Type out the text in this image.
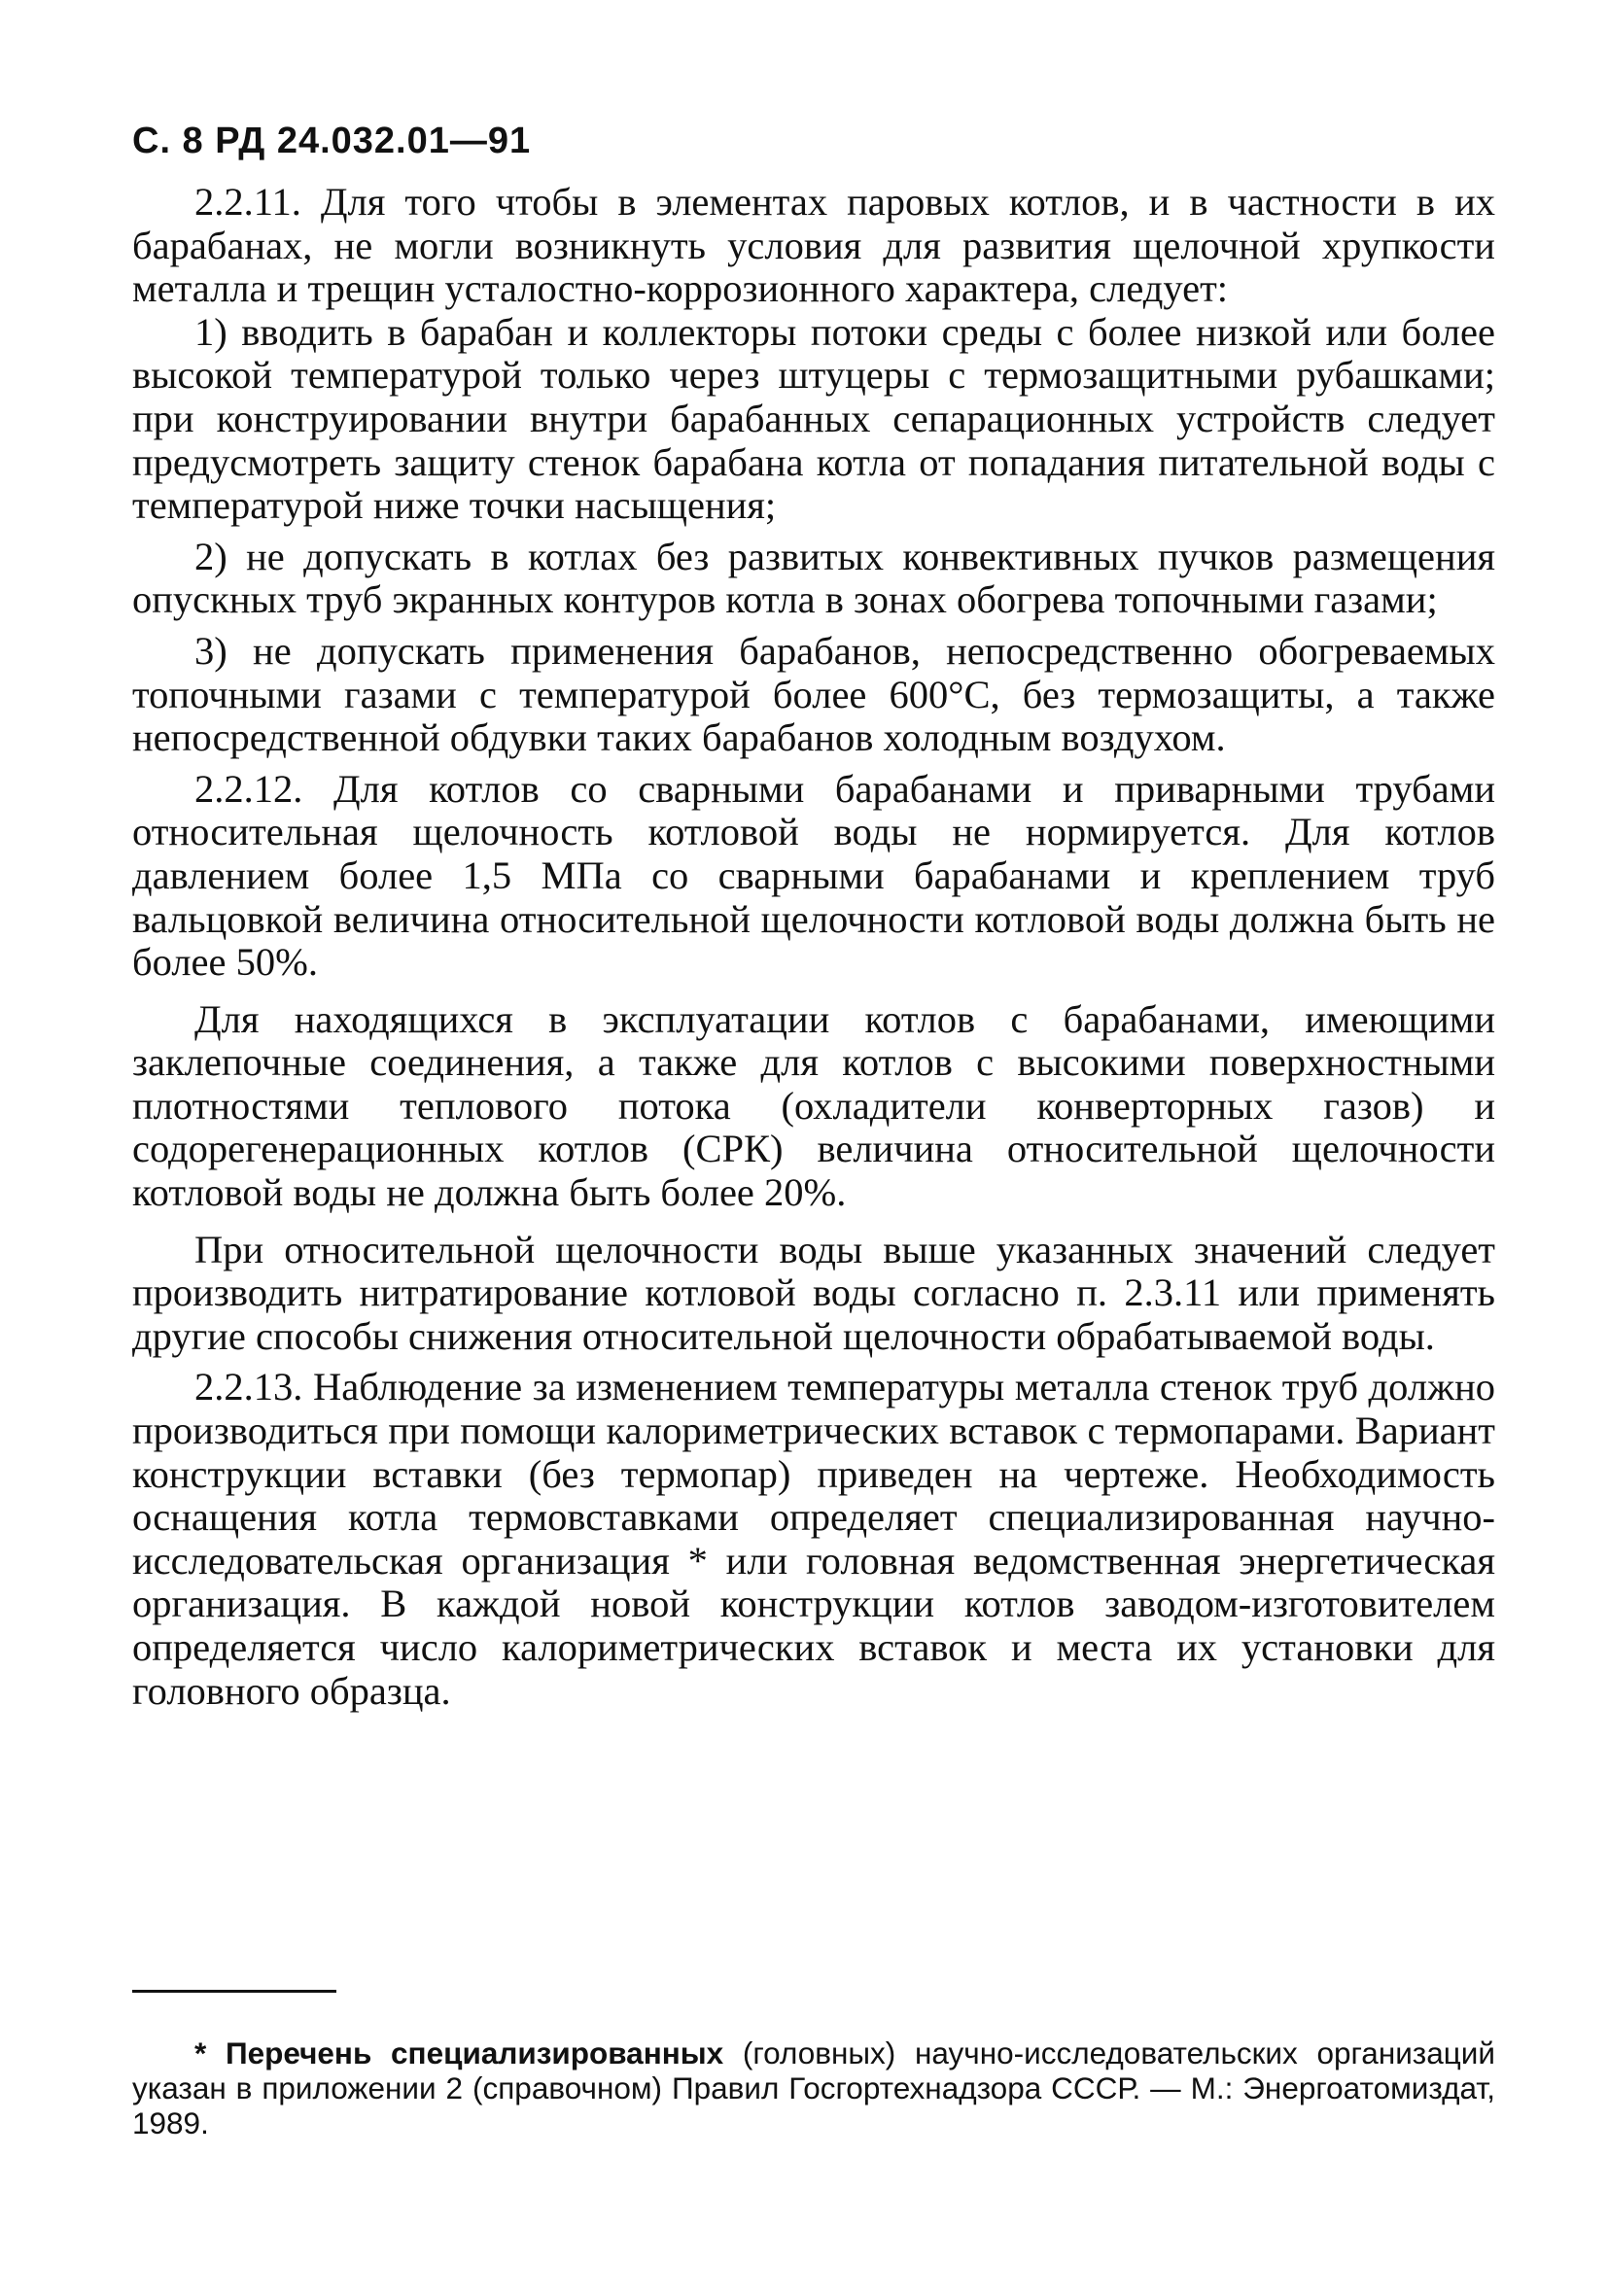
С. 8 РД 24.032.01—91

2.2.11. Для того чтобы в элементах паровых котлов, и в частности в их барабанах, не могли возникнуть условия для развития щелочной хрупкости металла и трещин усталостно-коррозионного характера, следует:

1) вводить в барабан и коллекторы потоки среды с более низкой или более высокой температурой только через штуцеры с термозащитными рубашками; при конструировании внутри барабанных сепарационных устройств следует предусмотреть защиту стенок барабана котла от попадания питательной воды с температурой ниже точки насыщения;

2) не допускать в котлах без развитых конвективных пучков размещения опускных труб экранных контуров котла в зонах обогрева топочными газами;

3) не допускать применения барабанов, непосредственно обогреваемых топочными газами с температурой более 600°С, без термозащиты, а также непосредственной обдувки таких барабанов холодным воздухом.

2.2.12. Для котлов со сварными барабанами и приварными трубами относительная щелочность котловой воды не нормируется. Для котлов давлением более 1,5 МПа со сварными барабанами и креплением труб вальцовкой величина относительной щелочности котловой воды должна быть не более 50%.

Для находящихся в эксплуатации котлов с барабанами, имеющими заклепочные соединения, а также для котлов с высокими поверхностными плотностями теплового потока (охладители конверторных газов) и содорегенерационных котлов (СРК) величина относительной щелочности котловой воды не должна быть более 20%.

При относительной щелочности воды выше указанных значений следует производить нитратирование котловой воды согласно п. 2.3.11 или применять другие способы снижения относительной щелочности обрабатываемой воды.

2.2.13. Наблюдение за изменением температуры металла стенок труб должно производиться при помощи калориметрических вставок с термопарами. Вариант конструкции вставки (без термопар) приведен на чертеже. Необходимость оснащения котла термовставками определяет специализированная научно-исследовательская организация * или головная ведомственная энергетическая организация. В каждой новой конструкции котлов заводом-изготовителем определяется число калориметрических вставок и места их установки для головного образца.

* Перечень специализированных (головных) научно-исследовательских организаций указан в приложении 2 (справочном) Правил Госгортехнадзора СССР. — М.: Энергоатомиздат, 1989.
